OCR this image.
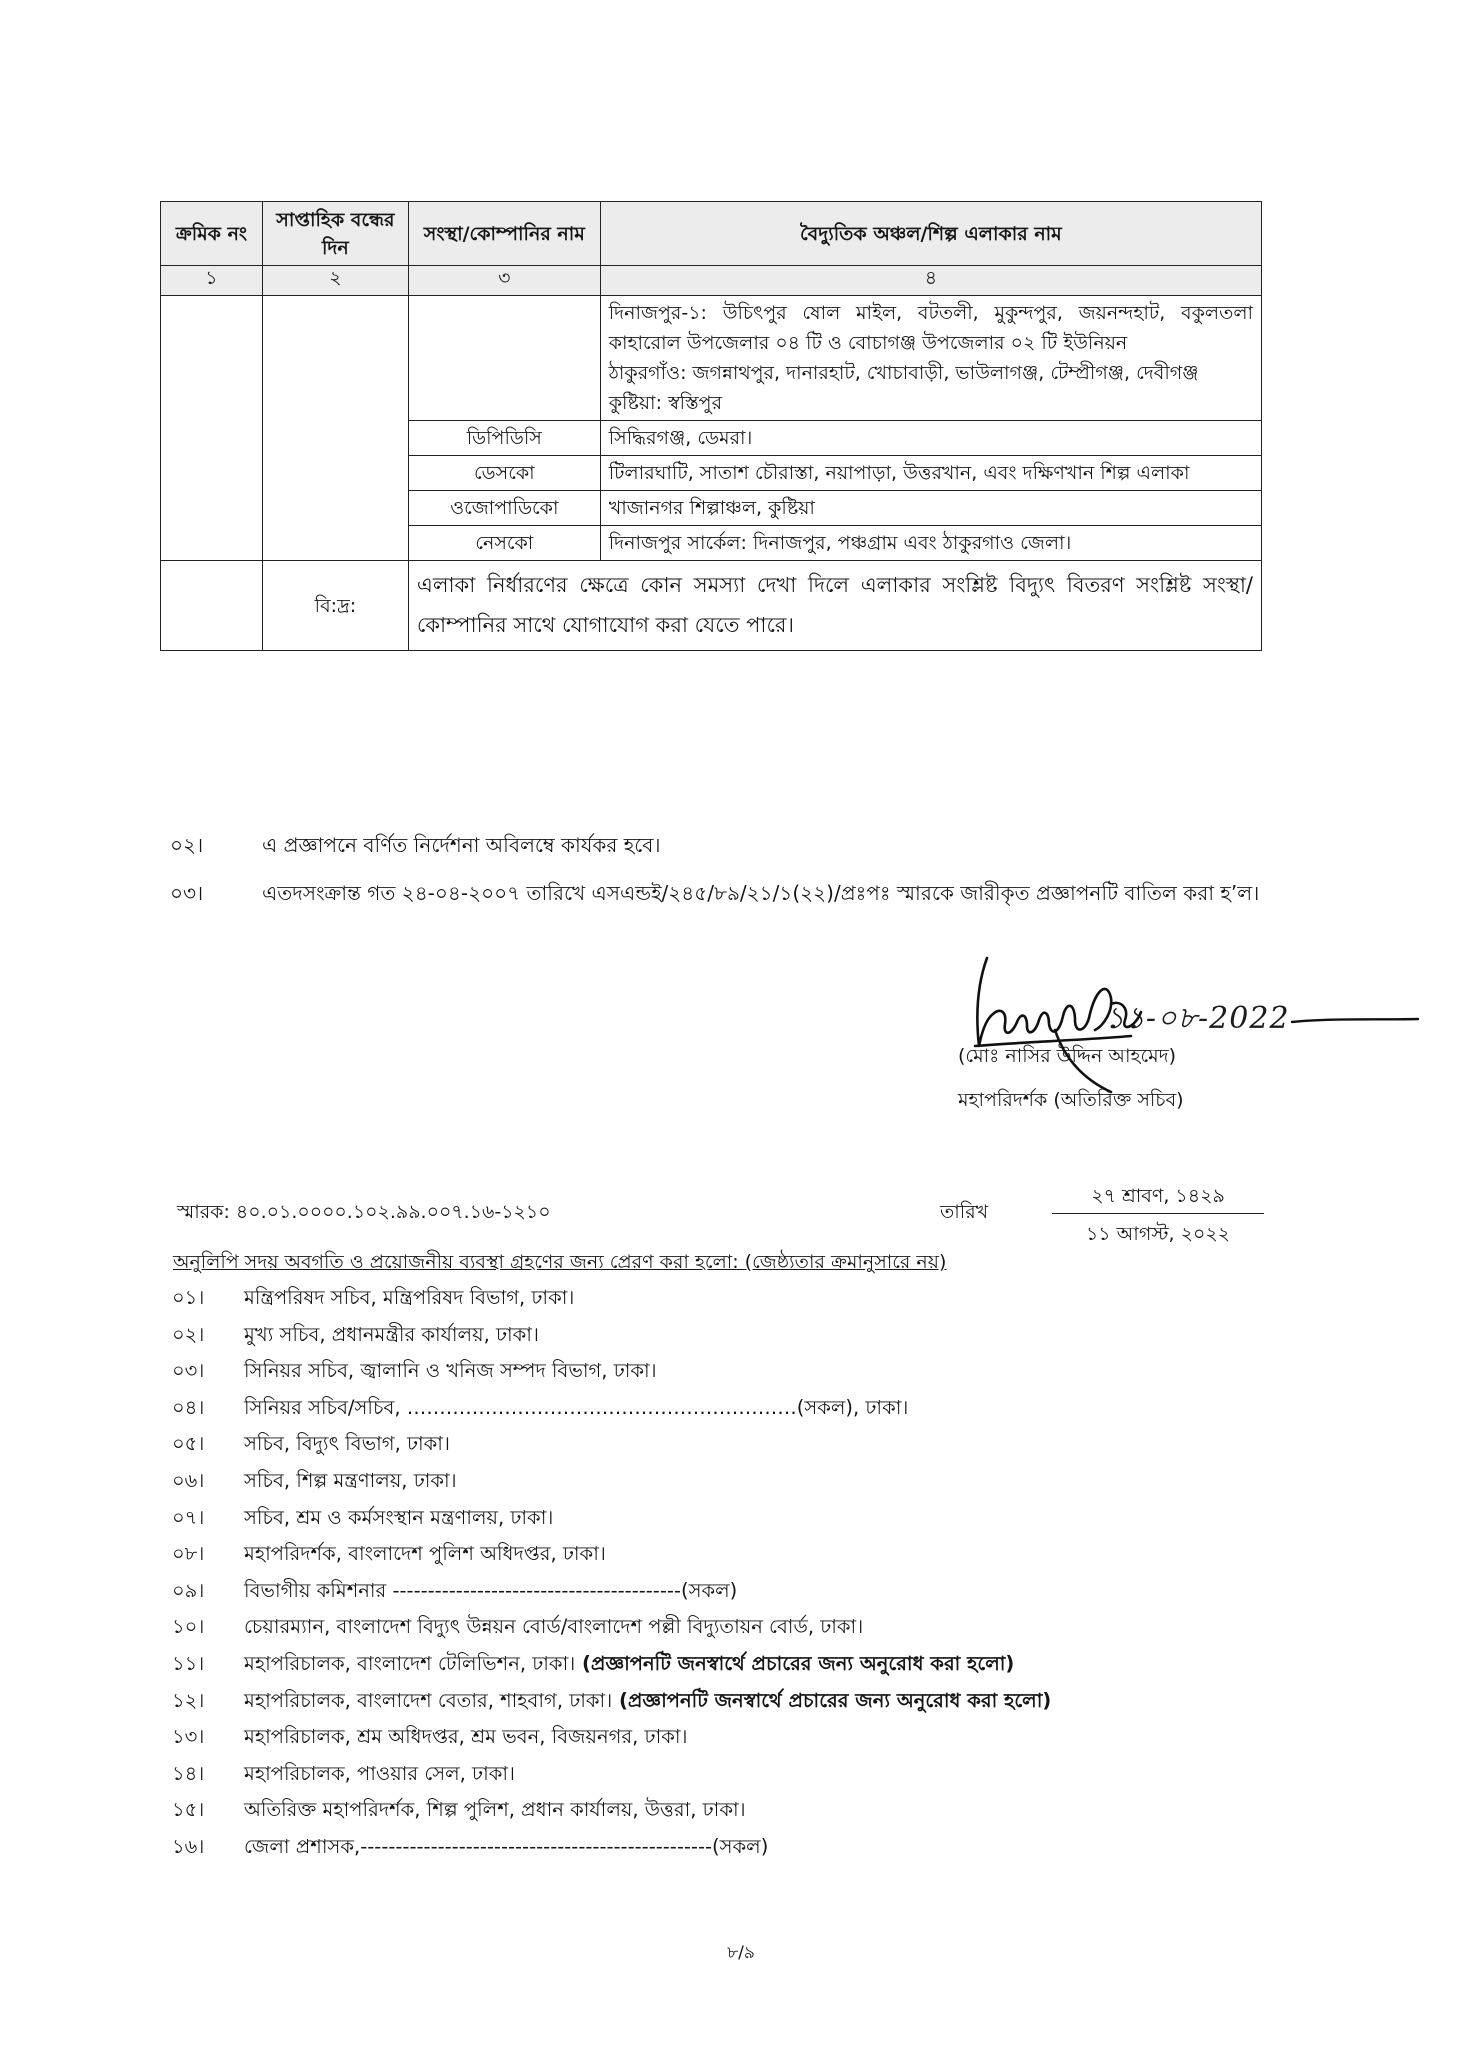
ক্রমিক নং	সাপ্তাহিক বন্ধের দিন	সংস্থা/কোম্পানির নাম	বৈদ্যুতিক অঞ্চল/শিল্প এলাকার নাম
১	২	৩	৪

			দিনাজপুর-১: উচিৎপুর ষোল মাইল, বটতলী, মুকুন্দপুর, জয়নন্দহাট, বকুলতলা কাহারোল উপজেলার ০৪ টি ও বোচাগঞ্জ উপজেলার ০২ টি ইউনিয়ন
ঠাকুরগাঁও: জগন্নাথপুর, দানারহাট, খোচাবাড়ী, ভাউলাগঞ্জ, টেম্প্রীগঞ্জ, দেবীগঞ্জ
কুষ্টিয়া: স্বস্তিপুর

		ডিপিডিসি	সিদ্ধিরগঞ্জ, ডেমরা।
		ডেসকো	টিলারঘাটি, সাতাশ চৌরাস্তা, নয়াপাড়া, উত্তরখান, এবং দক্ষিণখান শিল্প এলাকা
		ওজোপাডিকো	খাজানগর শিল্পাঞ্চল, কুষ্টিয়া
		নেসকো	দিনাজপুর সার্কেল: দিনাজপুর, পঞ্চগ্রাম এবং ঠাকুরগাও জেলা।
	বি:দ্র:	এলাকা নির্ধারণের ক্ষেত্রে কোন সমস্যা দেখা দিলে এলাকার সংশ্লিষ্ট বিদ্যুৎ বিতরণ সংশ্লিষ্ট সংস্থা/কোম্পানির সাথে যোগাযোগ করা যেতে পারে।	
০২।	এ প্রজ্ঞাপনে বর্ণিত নির্দেশনা অবিলম্বে কার্যকর হবে।
০৩।	এতদসংক্রান্ত গত ২৪-০৪-২০০৭ তারিখে এসএন্ডই/২৪৫/৮৯/২১/১(২২)/প্রঃপঃ স্মারকে জারীকৃত প্রজ্ঞাপনটি বাতিল করা হ’ল।
১১-০৮-2022
(মোঃ নাসির উদ্দিন আহমেদ)
মহাপরিদর্শক (অতিরিক্ত সচিব)
স্মারক: ৪০.০১.০০০০.১০২.৯৯.০০৭.১৬-১২১০	তারিখ
২৭ শ্রাবণ, ১৪২৯
১১ আগস্ট, ২০২২
অনুলিপি সদয় অবগতি ও প্রয়োজনীয় ব্যবস্থা গ্রহণের জন্য প্রেরণ করা হলো: (জেষ্ঠ্যতার ক্রমানুসারে নয়)
০১। মন্ত্রিপরিষদ সচিব, মন্ত্রিপরিষদ বিভাগ, ঢাকা।
০২। মুখ্য সচিব, প্রধানমন্ত্রীর কার্যালয়, ঢাকা।
০৩। সিনিয়র সচিব, জ্বালানি ও খনিজ সম্পদ বিভাগ, ঢাকা।
০৪। সিনিয়র সচিব/সচিব, ……………………………………………………(সকল), ঢাকা।
০৫। সচিব, বিদ্যুৎ বিভাগ, ঢাকা।
০৬। সচিব, শিল্প মন্ত্রণালয়, ঢাকা।
০৭। সচিব, শ্রম ও কর্মসংস্থান মন্ত্রণালয়, ঢাকা।
০৮। মহাপরিদর্শক, বাংলাদেশ পুলিশ অধিদপ্তর, ঢাকা।
০৯। বিভাগীয় কমিশনার -----------------------------------------(সকল)
১০। চেয়ারম্যান, বাংলাদেশ বিদ্যুৎ উন্নয়ন বোর্ড/বাংলাদেশ পল্লী বিদ্যুতায়ন বোর্ড, ঢাকা।
১১। মহাপরিচালক, বাংলাদেশ টেলিভিশন, ঢাকা। (প্রজ্ঞাপনটি জনস্বার্থে প্রচারের জন্য অনুরোধ করা হলো)
১২। মহাপরিচালক, বাংলাদেশ বেতার, শাহবাগ, ঢাকা। (প্রজ্ঞাপনটি জনস্বার্থে প্রচারের জন্য অনুরোধ করা হলো)
১৩। মহাপরিচালক, শ্রম অধিদপ্তর, শ্রম ভবন, বিজয়নগর, ঢাকা।
১৪। মহাপরিচালক, পাওয়ার সেল, ঢাকা।
১৫। অতিরিক্ত মহাপরিদর্শক, শিল্প পুলিশ, প্রধান কার্যালয়, উত্তরা, ঢাকা।
১৬। জেলা প্রশাসক,--------------------------------------------------(সকল)
৮/৯
